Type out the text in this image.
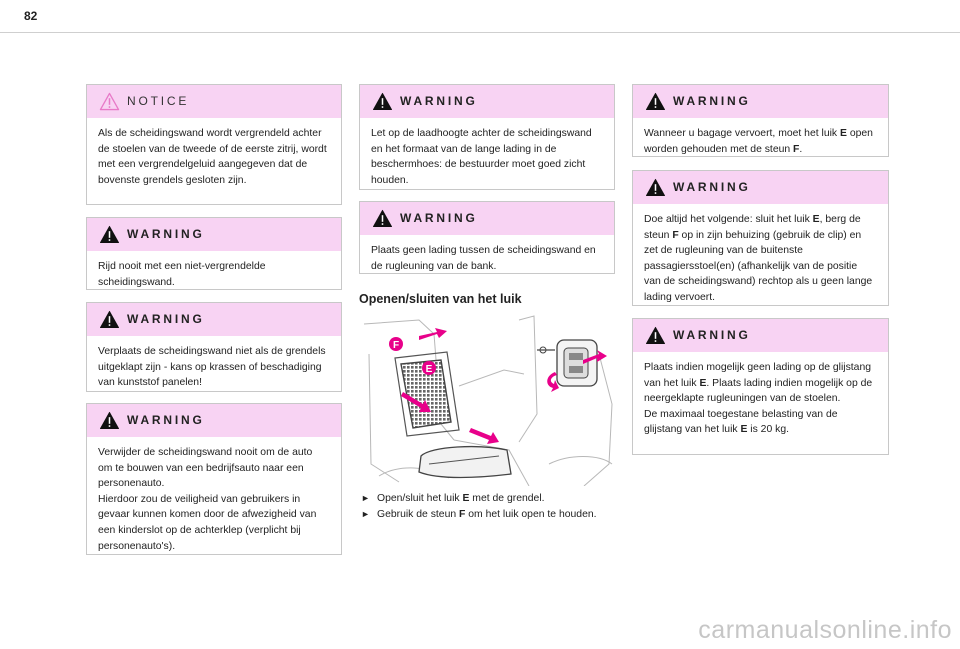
82
NOTICE
Als de scheidingswand wordt vergrendeld achter de stoelen van de tweede of de eerste zitrij, wordt met een vergrendelgeluid aangegeven dat de bovenste grendels gesloten zijn.
WARNING
Rijd nooit met een niet-vergrendelde scheidingswand.
WARNING
Verplaats de scheidingswand niet als de grendels uitgeklapt zijn - kans op krassen of beschadiging van kunststof panelen!
WARNING
Verwijder de scheidingswand nooit om de auto om te bouwen van een bedrijfsauto naar een personenauto.
Hierdoor zou de veiligheid van gebruikers in gevaar kunnen komen door de afwezigheid van een kinderslot op de achterklep (verplicht bij personenauto's).
WARNING
Let op de laadhoogte achter de scheidingswand en het formaat van de lange lading in de beschermhoes: de bestuurder moet goed zicht houden.
WARNING
Plaats geen lading tussen de scheidingswand en de rugleuning van de bank.
Openen/sluiten van het luik
F
E
► Open/sluit het luik E met de grendel.
► Gebruik de steun F om het luik open te houden.
WARNING
Wanneer u bagage vervoert, moet het luik E open worden gehouden met de steun F.
WARNING
Doe altijd het volgende: sluit het luik E, berg de steun F op in zijn behuizing (gebruik de clip) en zet de rugleuning van de buitenste passagiersstoel(en) (afhankelijk van de positie van de scheidingswand) rechtop als u geen lange lading vervoert.
WARNING
Plaats indien mogelijk geen lading op de glijstang van het luik E. Plaats lading indien mogelijk op de neergeklapte rugleuningen van de stoelen.
De maximaal toegestane belasting van de glijstang van het luik E is 20 kg.
carmanualsonline.info
